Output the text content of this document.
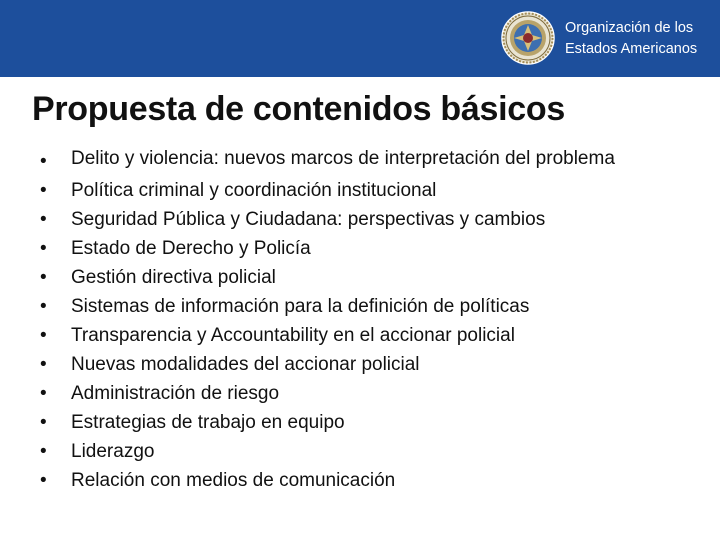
Organización de los
Estados Americanos
Propuesta de contenidos básicos
•	Delito y violencia: nuevos marcos de interpretación del problema
•	Política criminal y coordinación institucional
•	Seguridad Pública y Ciudadana: perspectivas y cambios
•	Estado de Derecho y Policía
•	Gestión directiva policial
•	Sistemas de información para la definición de políticas
•	Transparencia y Accountability en el accionar policial
•	Nuevas modalidades del accionar policial
•	Administración de riesgo
•	Estrategias de trabajo en equipo
•	Liderazgo
•	Relación con medios de comunicación
